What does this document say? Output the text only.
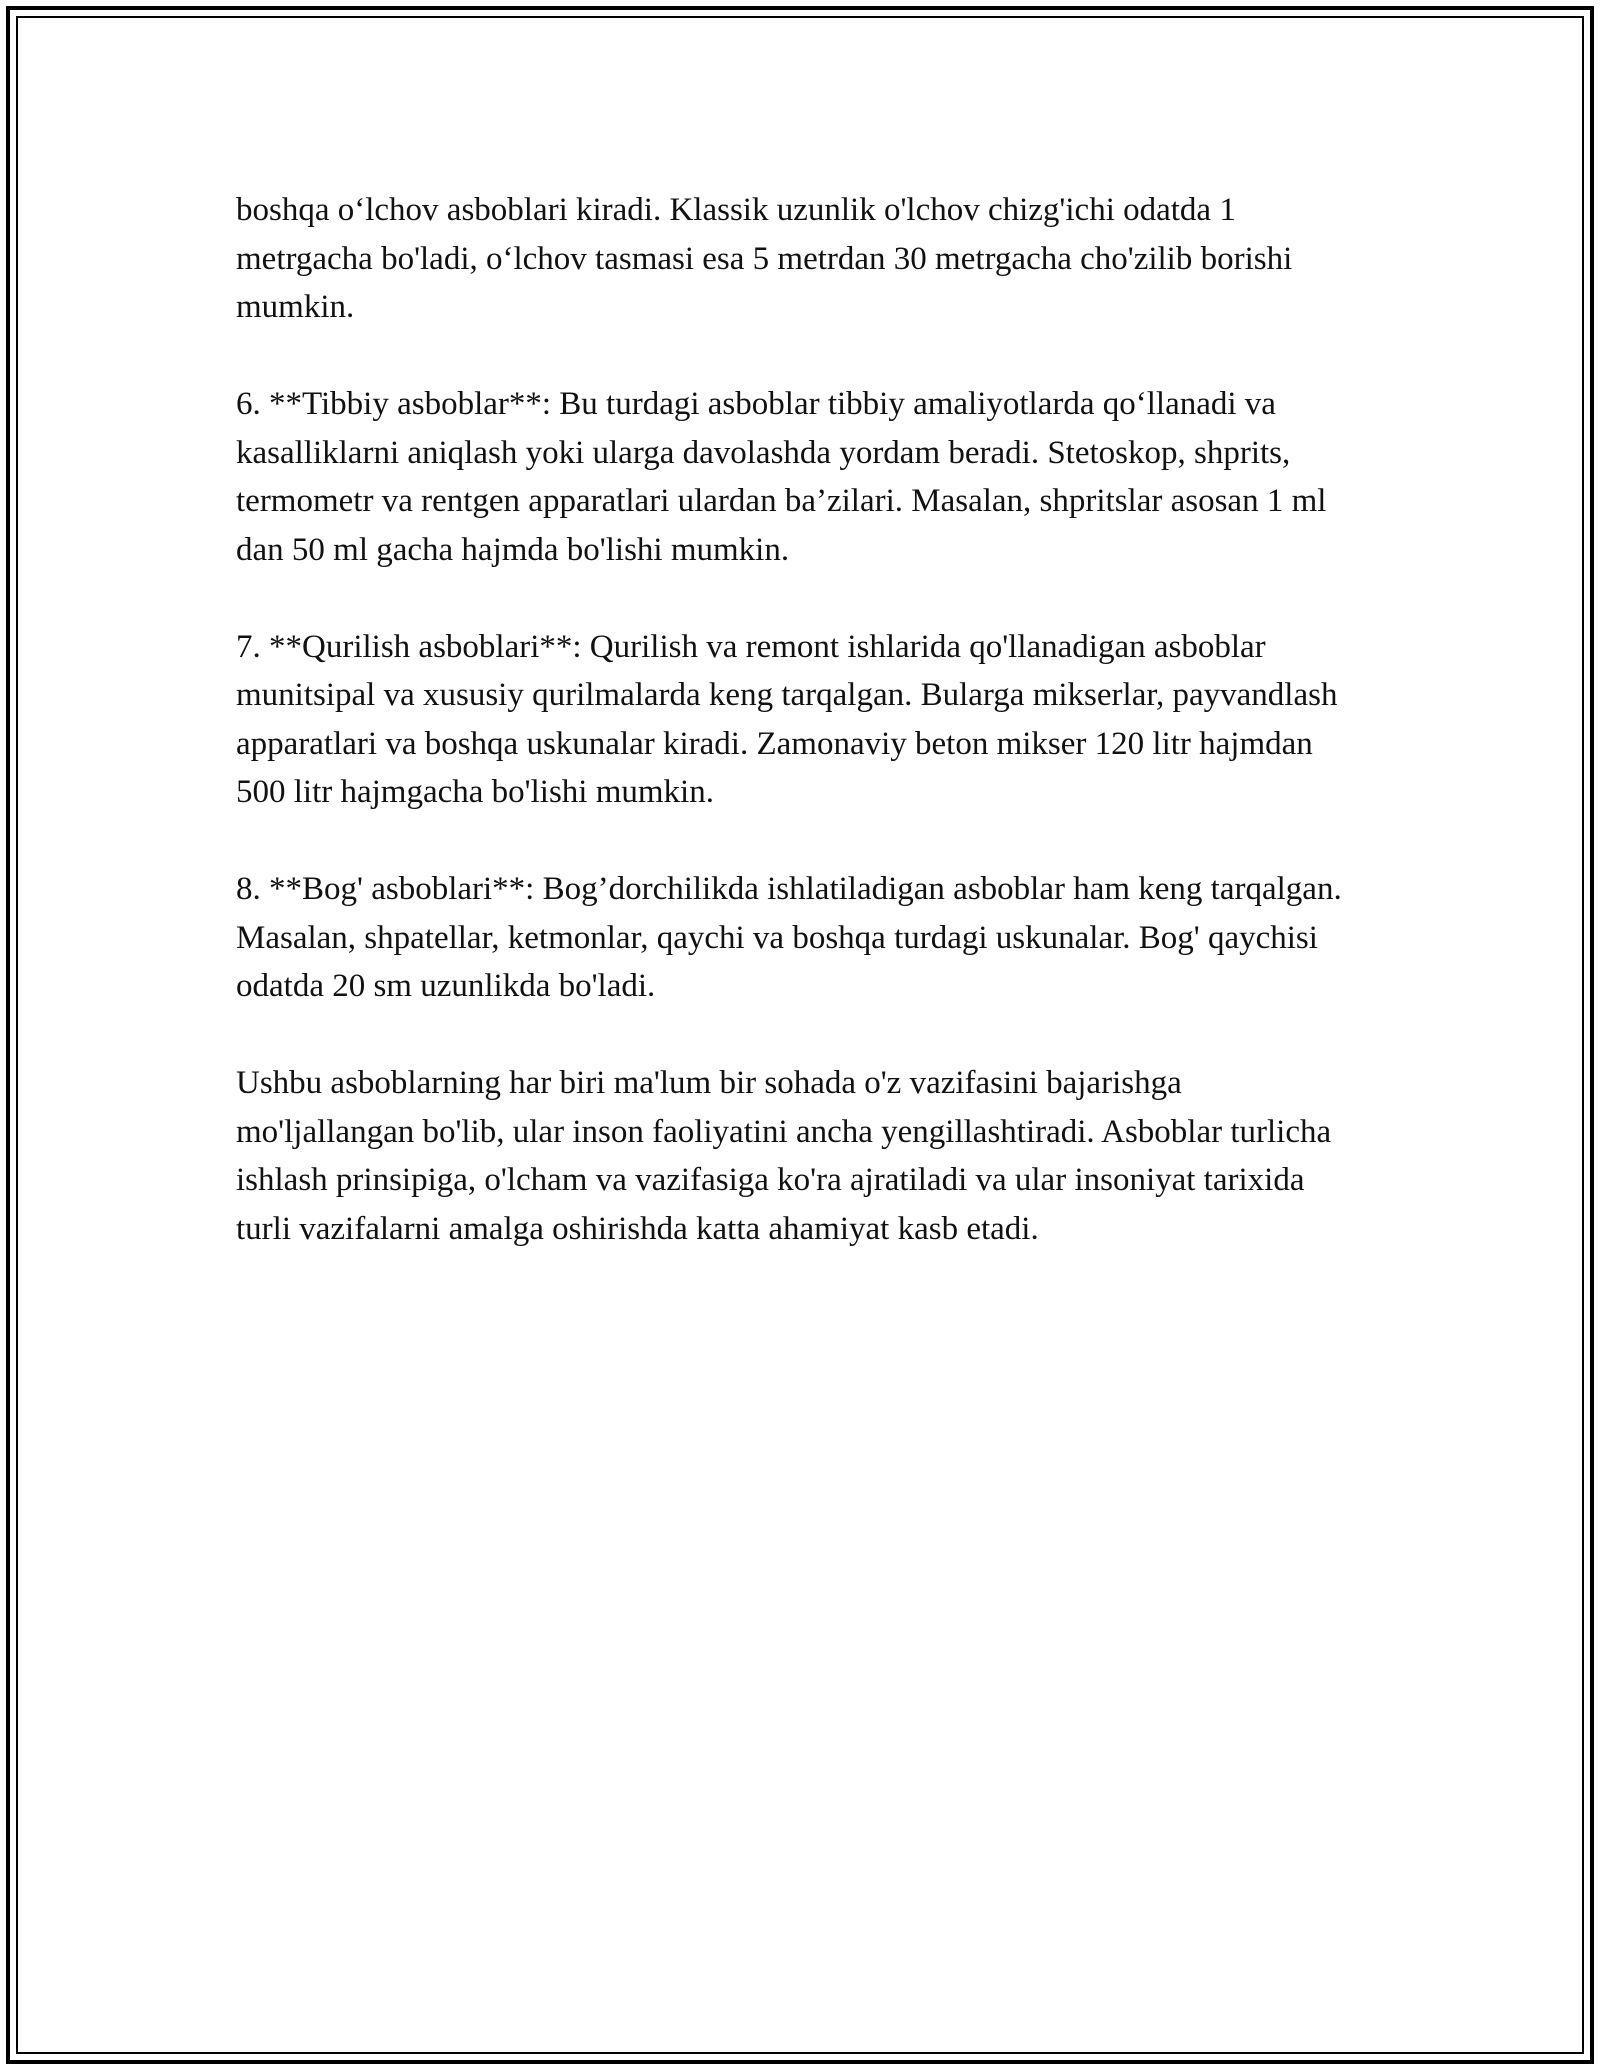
boshqa o‘lchov asboblari kiradi. Klassik uzunlik o'lchov chizg'ichi odatda 1 metrgacha bo'ladi, o‘lchov tasmasi esa 5 metrdan 30 metrgacha cho'zilib borishi mumkin.

6. **Tibbiy asboblar**: Bu turdagi asboblar tibbiy amaliyotlarda qo‘llanadi va kasalliklarni aniqlash yoki ularga davolashda yordam beradi. Stetoskop, shprits, termometr va rentgen apparatlari ulardan ba’zilari. Masalan, shpritslar asosan 1 ml dan 50 ml gacha hajmda bo'lishi mumkin.

7. **Qurilish asboblari**: Qurilish va remont ishlarida qo'llanadigan asboblar munitsipal va xususiy qurilmalarda keng tarqalgan. Bularga mikserlar, payvandlash apparatlari va boshqa uskunalar kiradi. Zamonaviy beton mikser 120 litr hajmdan 500 litr hajmgacha bo'lishi mumkin.

8. **Bog' asboblari**: Bog’dorchilikda ishlatiladigan asboblar ham keng tarqalgan. Masalan, shpatellar, ketmonlar, qaychi va boshqa turdagi uskunalar. Bog' qaychisi odatda 20 sm uzunlikda bo'ladi.

Ushbu asboblarning har biri ma'lum bir sohada o'z vazifasini bajarishga mo'ljallangan bo'lib, ular inson faoliyatini ancha yengillashtiradi. Asboblar turlicha ishlash prinsipiga, o'lcham va vazifasiga ko'ra ajratiladi va ular insoniyat tarixida turli vazifalarni amalga oshirishda katta ahamiyat kasb etadi.
